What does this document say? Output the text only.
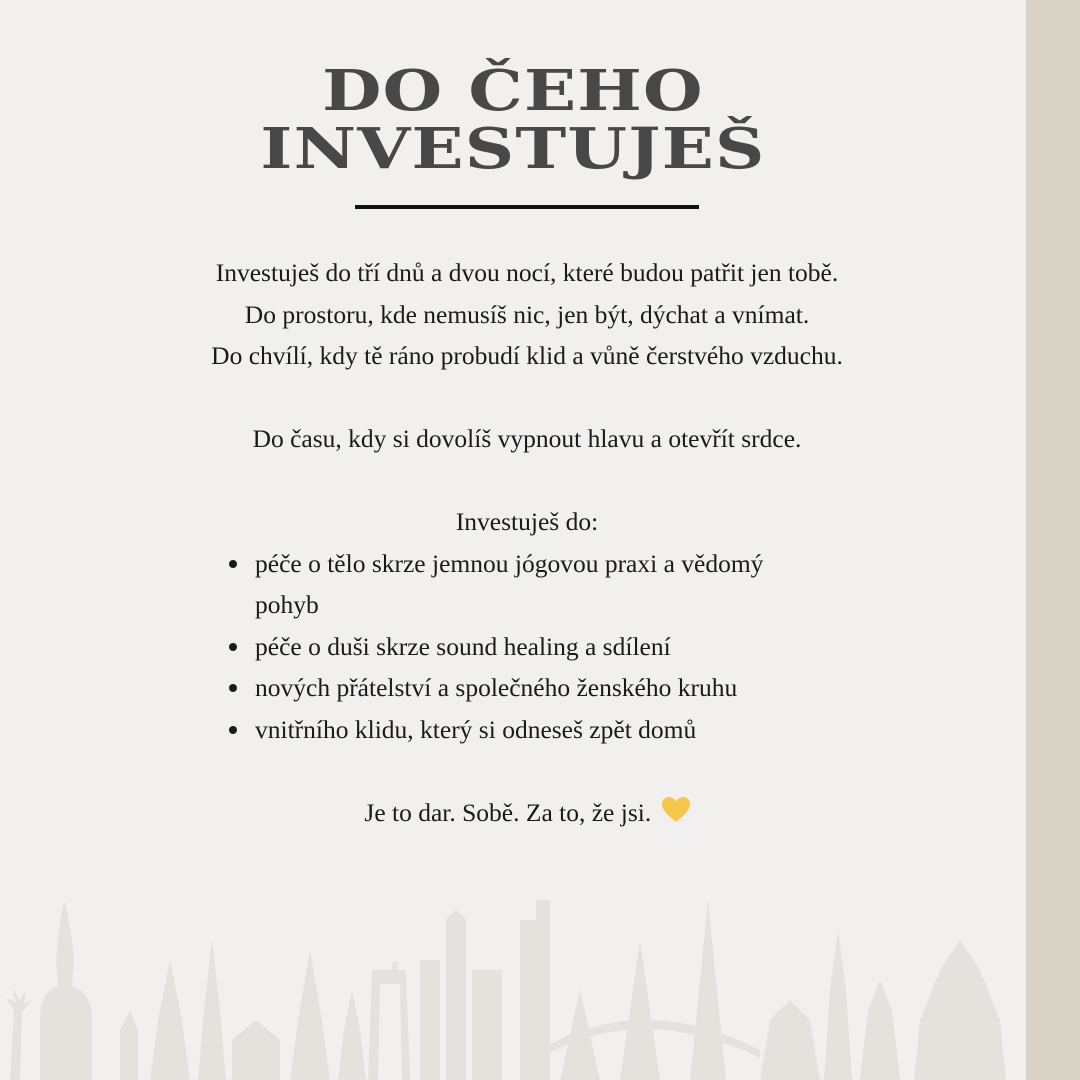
DO ČEHO
INVESTUJEŠ

Investuješ do tří dnů a dvou nocí, které budou patřit jen tobě.

Do prostoru, kde nemusíš nic, jen být, dýchat a vnímat.

Do chvílí, kdy tě ráno probudí klid a vůně čerstvého vzduchu.

Do času, kdy si dovolíš vypnout hlavu a otevřít srdce.

Investuješ do:

péče o tělo skrze jemnou jógovou praxi a vědomý pohyb
péče o duši skrze sound healing a sdílení
nových přátelství a společného ženského kruhu
vnitřního klidu, který si odneseš zpět domů

Je to dar. Sobě. Za to, že jsi.
